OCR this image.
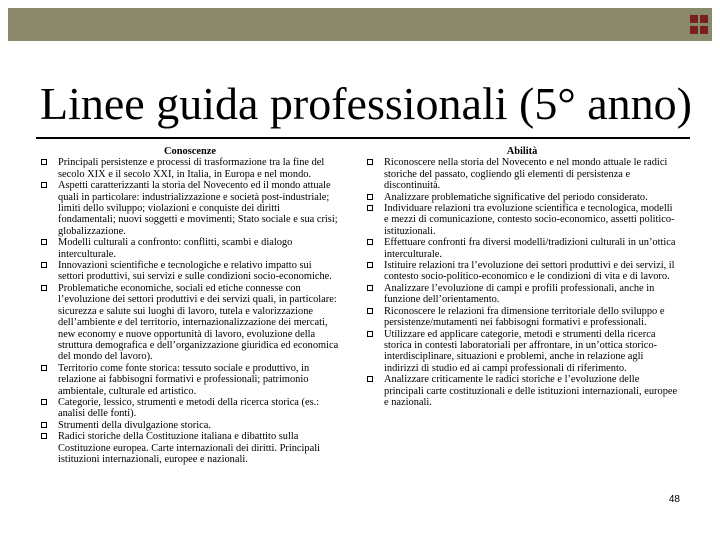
Linee guida professionali (5° anno)

Conoscenze

Principali persistenze e processi di trasformazione tra la fine del secolo XIX e il secolo XXI, in Italia, in Europa e nel mondo.
Aspetti caratterizzanti la storia del Novecento ed il mondo attuale quali in particolare: industrializzazione e società post-industriale; limiti dello sviluppo; violazioni e conquiste dei diritti fondamentali; nuovi soggetti e movimenti; Stato sociale e sua crisi; globalizzazione.
Modelli culturali a confronto: conflitti, scambi e dialogo interculturale.
Innovazioni scientifiche e tecnologiche e relativo impatto sui settori produttivi, sui servizi e sulle condizioni socio-economiche.
Problematiche economiche, sociali ed etiche connesse con l’evoluzione dei settori produttivi e dei servizi quali, in particolare: sicurezza e salute sui luoghi di lavoro, tutela e valorizzazione dell’ambiente e del territorio, internazionalizzazione dei mercati, new economy e nuove opportunità di lavoro, evoluzione della struttura demografica e dell’organizzazione giuridica ed economica del mondo del lavoro).
Territorio come fonte storica: tessuto sociale e produttivo, in relazione ai fabbisogni formativi e professionali; patrimonio ambientale, culturale ed artistico.
Categorie, lessico, strumenti e metodi della ricerca storica (es.: analisi delle fonti).
Strumenti della divulgazione storica.
Radici storiche della Costituzione italiana e dibattito sulla Costituzione europea. Carte internazionali dei diritti. Principali istituzioni internazionali, europee e nazionali.

Abilità

Riconoscere nella storia del Novecento e nel mondo attuale le radici storiche del passato, cogliendo gli elementi di persistenza e discontinuità.
Analizzare problematiche significative del periodo considerato.
Individuare relazioni tra evoluzione scientifica e tecnologica, modelli e mezzi di comunicazione, contesto socio-economico, assetti politico-istituzionali.
Effettuare confronti fra diversi modelli/tradizioni culturali in un’ottica interculturale.
Istituire relazioni tra l’evoluzione dei settori produttivi e dei servizi, il contesto socio-politico-economico e le condizioni di vita e di lavoro.
Analizzare l’evoluzione di campi e profili professionali, anche in funzione dell’orientamento.
Riconoscere le relazioni fra dimensione territoriale dello sviluppo e persistenze/mutamenti nei fabbisogni formativi e professionali.
Utilizzare ed applicare categorie, metodi e strumenti della ricerca storica in contesti laboratoriali per affrontare, in un’ottica storico-interdisciplinare, situazioni e problemi, anche in relazione agli indirizzi di studio ed ai campi professionali di riferimento.
Analizzare criticamente le radici storiche e l’evoluzione delle principali carte costituzionali e delle istituzioni internazionali, europee e nazionali.
48
